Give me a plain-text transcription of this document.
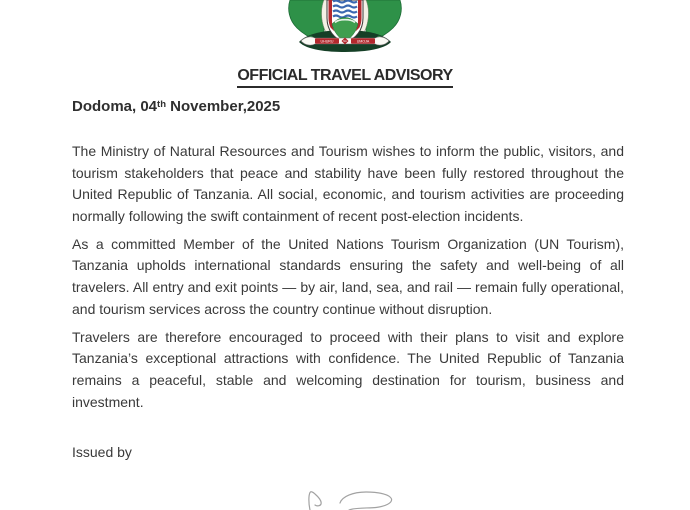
UHURU	NA	UMOJA
OFFICIAL TRAVEL ADVISORY
Dodoma, 04th November,2025

The Ministry of Natural Resources and Tourism wishes to inform the public, visitors, and tourism stakeholders that peace and stability have been fully restored throughout the United Republic of Tanzania. All social, economic, and tourism activities are proceeding normally following the swift containment of recent post-election incidents.

As a committed Member of the United Nations Tourism Organization (UN Tourism), Tanzania upholds international standards ensuring the safety and well-being of all travelers. All entry and exit points — by air, land, sea, and rail — remain fully operational, and tourism services across the country continue without disruption.

Travelers are therefore encouraged to proceed with their plans to visit and explore Tanzania’s exceptional attractions with confidence. The United Republic of Tanzania remains a peaceful, stable and welcoming destination for tourism, business and investment.

Issued by
